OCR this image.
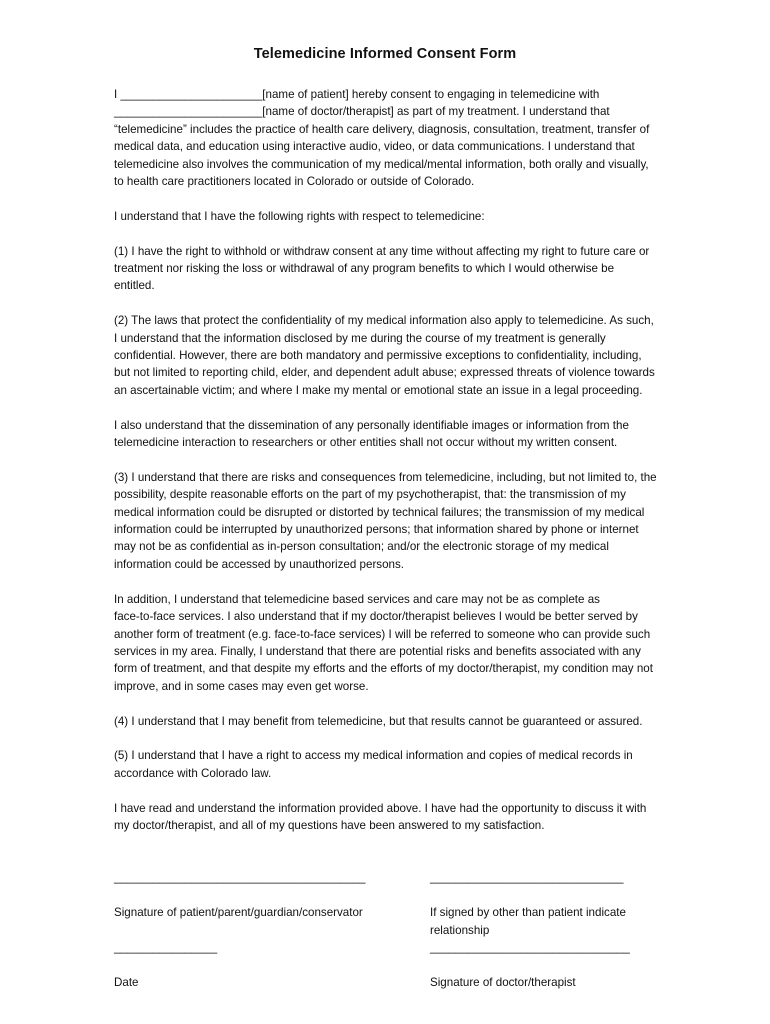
Telemedicine Informed Consent Form

I ______________________[name of patient] hereby consent to engaging in telemedicine with
_______________________[name of doctor/therapist] as part of my treatment. I understand that
“telemedicine” includes the practice of health care delivery, diagnosis, consultation, treatment, transfer of
medical data, and education using interactive audio, video, or data communications. I understand that
telemedicine also involves the communication of my medical/mental information, both orally and visually,
to health care practitioners located in Colorado or outside of Colorado.

I understand that I have the following rights with respect to telemedicine:

(1) I have the right to withhold or withdraw consent at any time without affecting my right to future care or
treatment nor risking the loss or withdrawal of any program benefits to which I would otherwise be
entitled.

(2) The laws that protect the confidentiality of my medical information also apply to telemedicine. As such,
I understand that the information disclosed by me during the course of my treatment is generally
confidential. However, there are both mandatory and permissive exceptions to confidentiality, including,
but not limited to reporting child, elder, and dependent adult abuse; expressed threats of violence towards
an ascertainable victim; and where I make my mental or emotional state an issue in a legal proceeding.

I also understand that the dissemination of any personally identifiable images or information from the
telemedicine interaction to researchers or other entities shall not occur without my written consent.

(3) I understand that there are risks and consequences from telemedicine, including, but not limited to, the
possibility, despite reasonable efforts on the part of my psychotherapist, that: the transmission of my
medical information could be disrupted or distorted by technical failures; the transmission of my medical
information could be interrupted by unauthorized persons; that information shared by phone or internet
may not be as confidential as in-person consultation; and/or the electronic storage of my medical
information could be accessed by unauthorized persons.

In addition, I understand that telemedicine based services and care may not be as complete as
face-to-face services. I also understand that if my doctor/therapist believes I would be better served by
another form of treatment (e.g. face-to-face services) I will be referred to someone who can provide such
services in my area. Finally, I understand that there are potential risks and benefits associated with any
form of treatment, and that despite my efforts and the efforts of my doctor/therapist, my condition may not
improve, and in some cases may even get worse.

(4) I understand that I may benefit from telemedicine, but that results cannot be guaranteed or assured.

(5) I understand that I have a right to access my medical information and copies of medical records in
accordance with Colorado law.

I have read and understand the information provided above. I have had the opportunity to discuss it with
my doctor/therapist, and all of my questions have been answered to my satisfaction.

_______________________________________

Signature of patient/parent/guardian/conservator

______________________________

If signed by other than patient indicate
relationship

________________

Date

_______________________________

Signature of doctor/therapist
